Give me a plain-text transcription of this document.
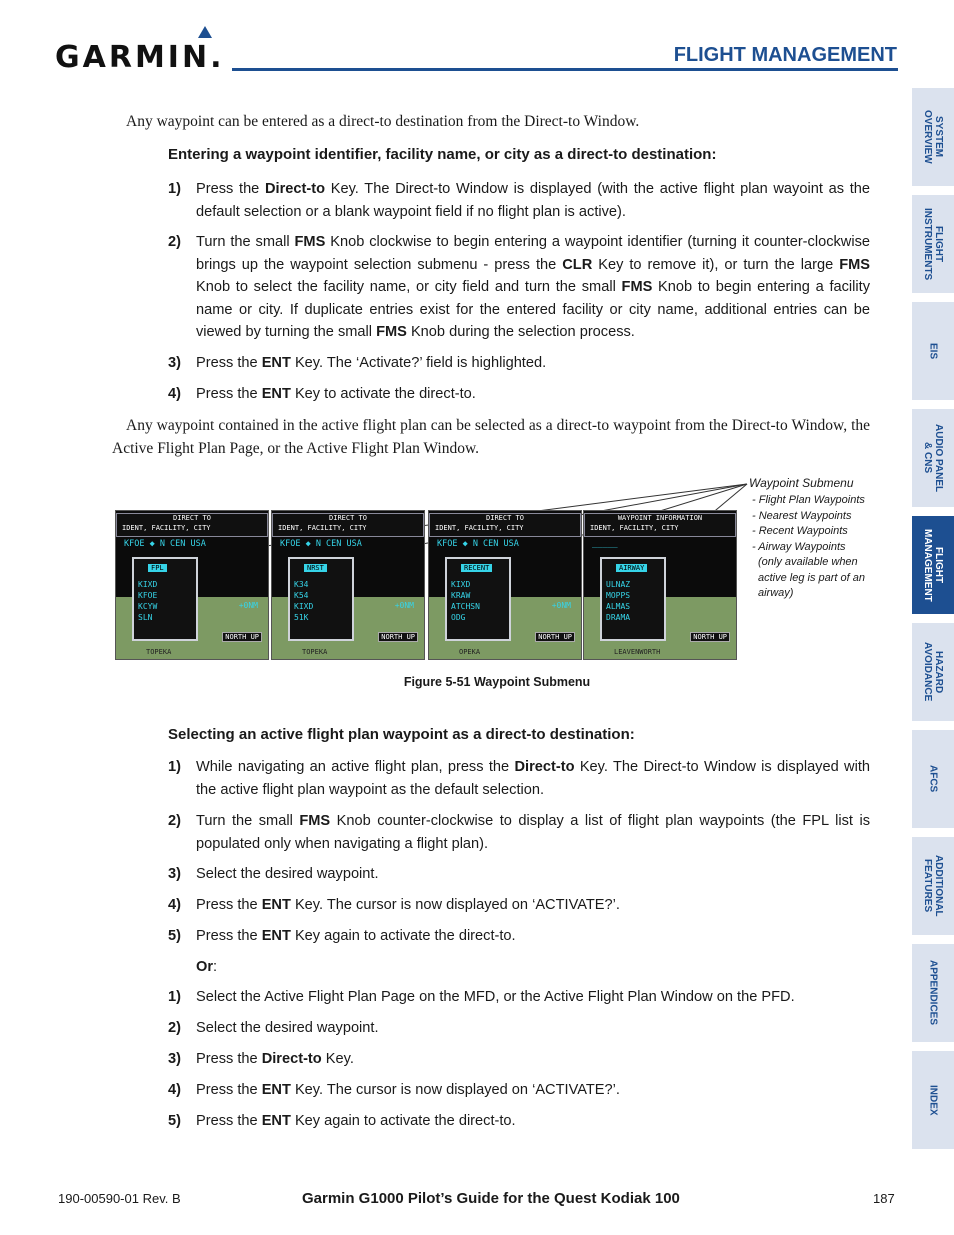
GARMIN.	FLIGHT MANAGEMENT
SYSTEM
OVERVIEW
FLIGHT
INSTRUMENTS
EIS
AUDIO PANEL
& CNS
FLIGHT
MANAGEMENT
HAZARD
AVOIDANCE
AFCS
ADDITIONAL
FEATURES
APPENDICES
INDEX
Any waypoint can be entered as a direct-to destination from the Direct-to Window.
Entering a waypoint identifier, facility name, or city as a direct-to destination:
1) Press the Direct-to Key. The Direct-to Window is displayed (with the active flight plan wayoint as the default selection or a blank waypoint field if no flight plan is active).
2) Turn the small FMS Knob clockwise to begin entering a waypoint identifier (turning it counter-clockwise brings up the waypoint selection submenu - press the CLR Key to remove it), or turn the large FMS Knob to select the facility name, or city field and turn the small FMS Knob to begin entering a facility name or city. If duplicate entries exist for the entered facility or city name, additional entries can be viewed by turning the small FMS Knob during the selection process.
3) Press the ENT Key. The ‘Activate?’ field is highlighted.
4) Press the ENT Key to activate the direct-to.
Any waypoint contained in the active flight plan can be selected as a direct-to waypoint from the Direct-to Window, the Active Flight Plan Page, or the Active Flight Plan Window.
DIRECT TO
IDENT, FACILITY, CITY
KFOE ◆ N CEN USA
FPL
KIXD
KFOE
KCYW
SLN
+0NM
NORTH UP
TOPEKA
DIRECT TO
IDENT, FACILITY, CITY
KFOE ◆ N CEN USA
NRST
K34
K54
KIXD
51K
+0NM
NORTH UP
TOPEKA
DIRECT TO
IDENT, FACILITY, CITY
KFOE ◆ N CEN USA
RECENT
KIXD
KRAW
ATCHSN
ODG
+0NM
NORTH UP
OPEKA
WAYPOINT INFORMATION
IDENT, FACILITY, CITY
_____
AIRWAY
ULNAZ
MOPPS
ALMAS
DRAMA
NORTH UP
LEAVENWORTH
Waypoint Submenu
- Flight Plan Waypoints
- Nearest Waypoints
- Recent Waypoints
- Airway Waypoints
(only available when active leg is part of an airway)
Figure 5-51 Waypoint Submenu
Selecting an active flight plan waypoint as a direct-to destination:
1) While navigating an active flight plan, press the Direct-to Key. The Direct-to Window is displayed with the active flight plan waypoint as the default selection.
2) Turn the small FMS Knob counter-clockwise to display a list of flight plan waypoints (the FPL list is populated only when navigating a flight plan).
3) Select the desired waypoint.
4) Press the ENT Key. The cursor is now displayed on ‘ACTIVATE?’.
5) Press the ENT Key again to activate the direct-to.
Or:
1) Select the Active Flight Plan Page on the MFD, or the Active Flight Plan Window on the PFD.
2) Select the desired waypoint.
3) Press the Direct-to Key.
4) Press the ENT Key. The cursor is now displayed on ‘ACTIVATE?’.
5) Press the ENT Key again to activate the direct-to.
190-00590-01 Rev. B	Garmin G1000 Pilot’s Guide for the Quest Kodiak 100	187
